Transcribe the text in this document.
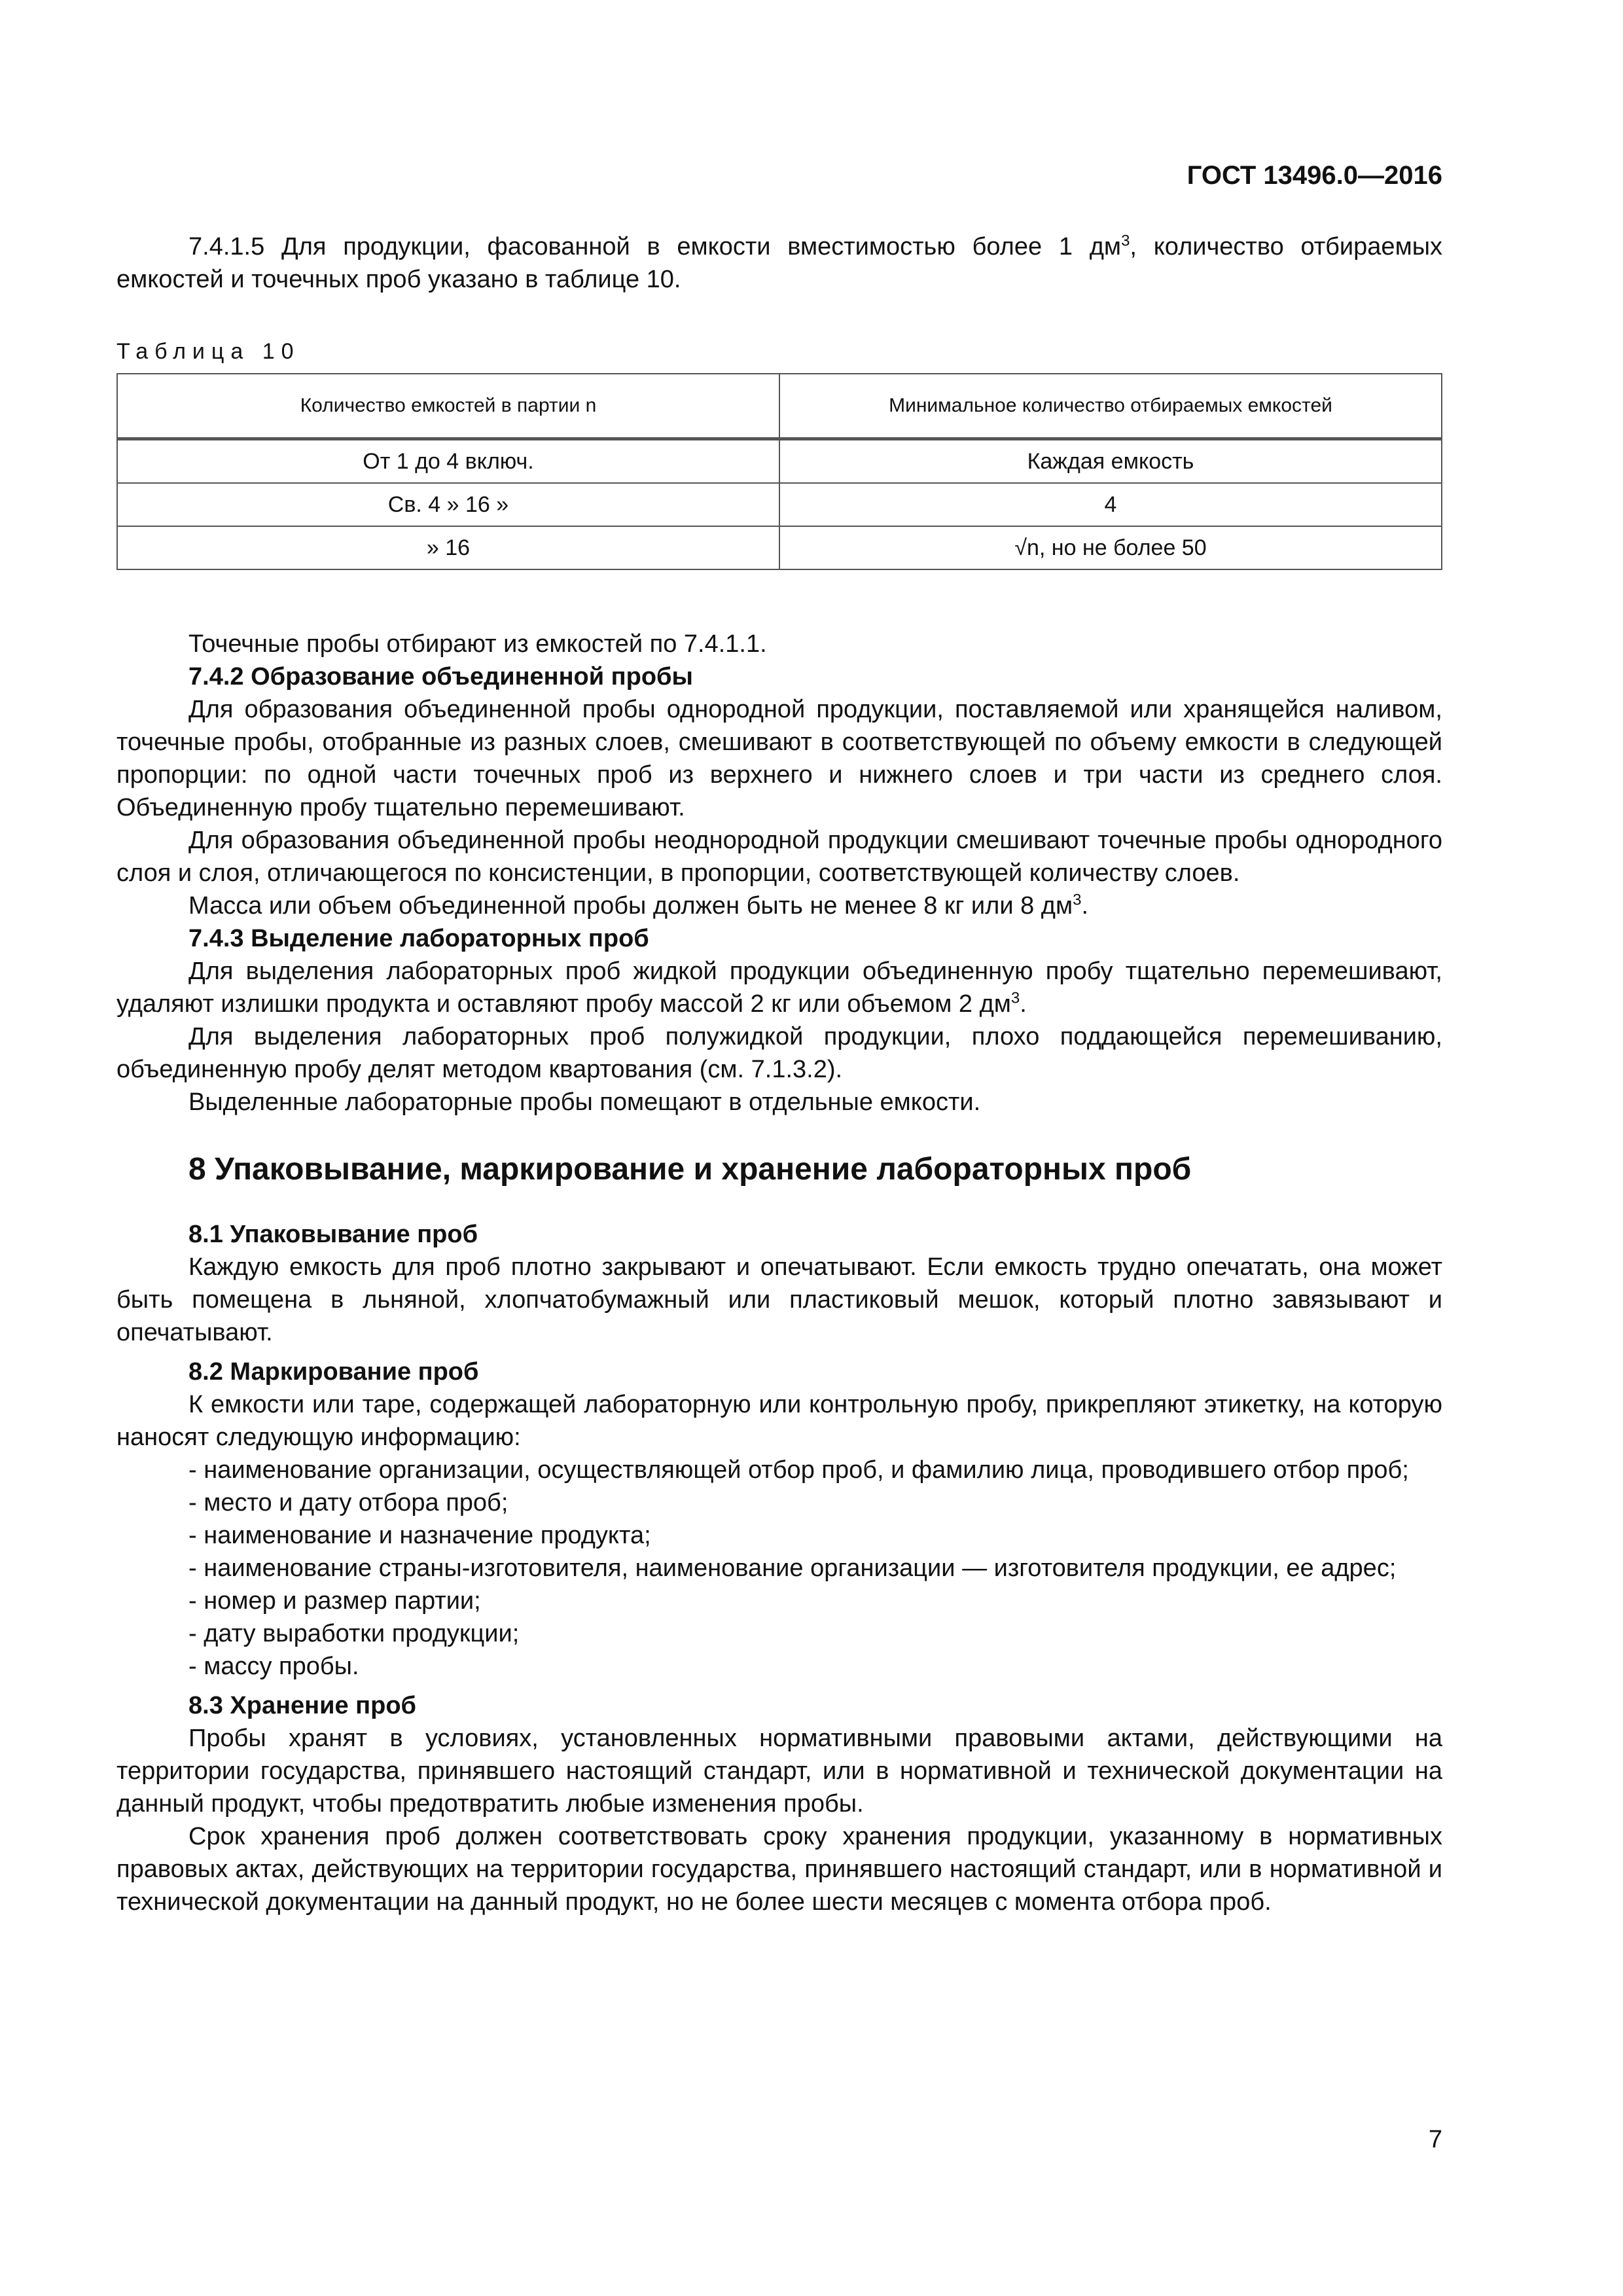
ГОСТ 13496.0—2016

7.4.1.5 Для продукции, фасованной в емкости вместимостью более 1 $дм^3$, количество отбираемых емкостей и точечных проб указано в таблице 10.

Таблица 10
Количество емкостей в партии n	Минимальное количество отбираемых емкостей
От 1 до 4 включ.	Каждая емкость
Св. 4 » 16 »	4
» 16	√n, но не более 50

Точечные пробы отбирают из емкостей по 7.4.1.1.

7.4.2 Образование объединенной пробы

Для образования объединенной пробы однородной продукции, поставляемой или хранящейся наливом, точечные пробы, отобранные из разных слоев, смешивают в соответствующей по объему емкости в следующей пропорции: по одной части точечных проб из верхнего и нижнего слоев и три части из среднего слоя. Объединенную пробу тщательно перемешивают.

Для образования объединенной пробы неоднородной продукции смешивают точечные пробы однородного слоя и слоя, отличающегося по консистенции, в пропорции, соответствующей количеству слоев.

Масса или объем объединенной пробы должен быть не менее 8 кг или 8 $дм^3$.

7.4.3 Выделение лабораторных проб

Для выделения лабораторных проб жидкой продукции объединенную пробу тщательно перемешивают, удаляют излишки продукта и оставляют пробу массой 2 кг или объемом 2 $дм^3$.

Для выделения лабораторных проб полужидкой продукции, плохо поддающейся перемешиванию, объединенную пробу делят методом квартования (см. 7.1.3.2).

Выделенные лабораторные пробы помещают в отдельные емкости.

8 Упаковывание, маркирование и хранение лабораторных проб

8.1 Упаковывание проб

Каждую емкость для проб плотно закрывают и опечатывают. Если емкость трудно опечатать, она может быть помещена в льняной, хлопчатобумажный или пластиковый мешок, который плотно завязывают и опечатывают.

8.2 Маркирование проб

К емкости или таре, содержащей лабораторную или контрольную пробу, прикрепляют этикетку, на которую наносят следующую информацию:

- наименование организации, осуществляющей отбор проб, и фамилию лица, проводившего отбор проб;

- место и дату отбора проб;

- наименование и назначение продукта;

- наименование страны-изготовителя, наименование организации — изготовителя продукции, ее адрес;

- номер и размер партии;

- дату выработки продукции;

- массу пробы.

8.3 Хранение проб

Пробы хранят в условиях, установленных нормативными правовыми актами, действующими на территории государства, принявшего настоящий стандарт, или в нормативной и технической документации на данный продукт, чтобы предотвратить любые изменения пробы.

Срок хранения проб должен соответствовать сроку хранения продукции, указанному в нормативных правовых актах, действующих на территории государства, принявшего настоящий стандарт, или в нормативной и технической документации на данный продукт, но не более шести месяцев с момента отбора проб.

7
